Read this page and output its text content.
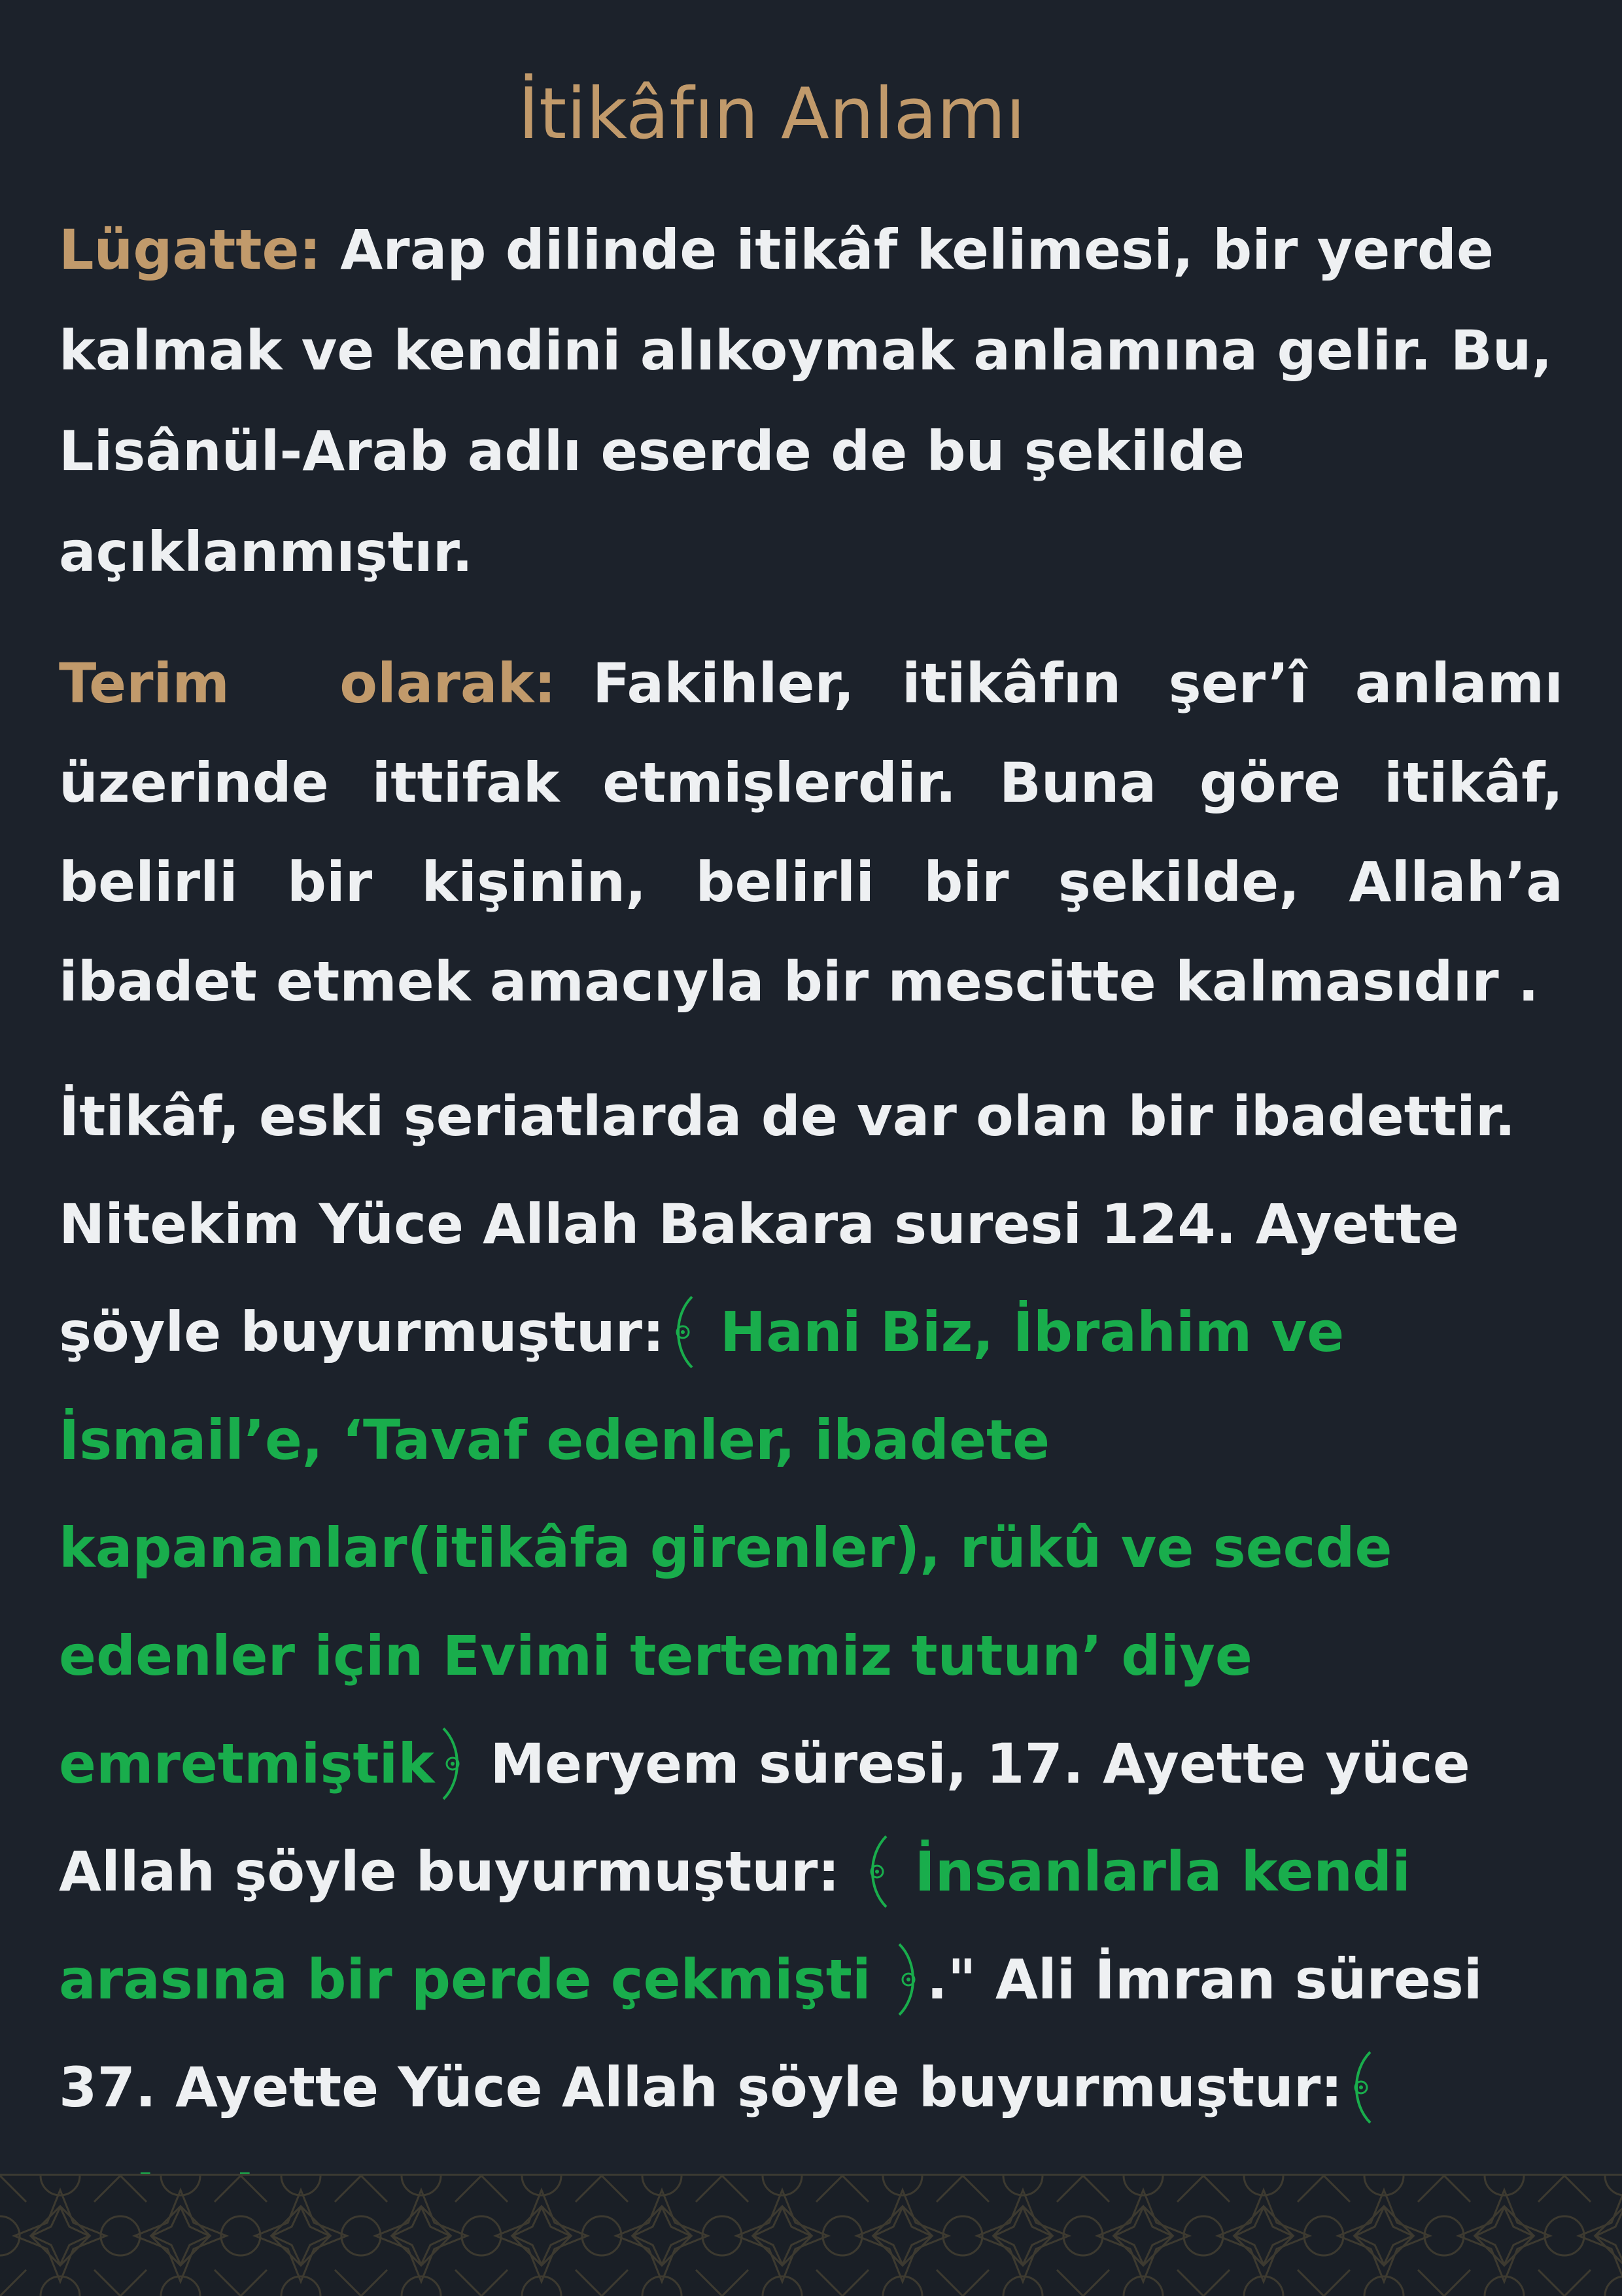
İtikâfın Anlamı

Lügatte: Arap dilinde itikâf kelimesi, bir yerde kalmak ve kendini alıkoymak anlamına gelir. Bu, Lisânül-Arab adlı eserde de bu şekilde açıklanmıştır.

Terim olarak: Fakihler, itikâfın şer’î anlamı üzerinde ittifak etmişlerdir. Buna göre itikâf, belirli bir kişinin, belirli bir şekilde, Allah’a ibadet etmek amacıyla bir mescitte kalmasıdır .

İtikâf, eski şeriatlarda de var olan bir ibadettir. Nitekim Yüce Allah Bakara suresi 124. Ayette şöyle buyurmuştur:
Hani Biz, İbrahim ve İsmail’e, ‘Tavaf edenler, ibadete kapananlar(itikâfa girenler), rükû ve secde edenler için Evimi tertemiz tutun’ diye emretmiştik
Meryem süresi, 17. Ayette yüce Allah şöyle buyurmuştur:
İnsanlarla kendi arasına bir perde çekmişti
." Ali İmran süresi 37. Ayette Yüce Allah şöyle buyurmuştur:
